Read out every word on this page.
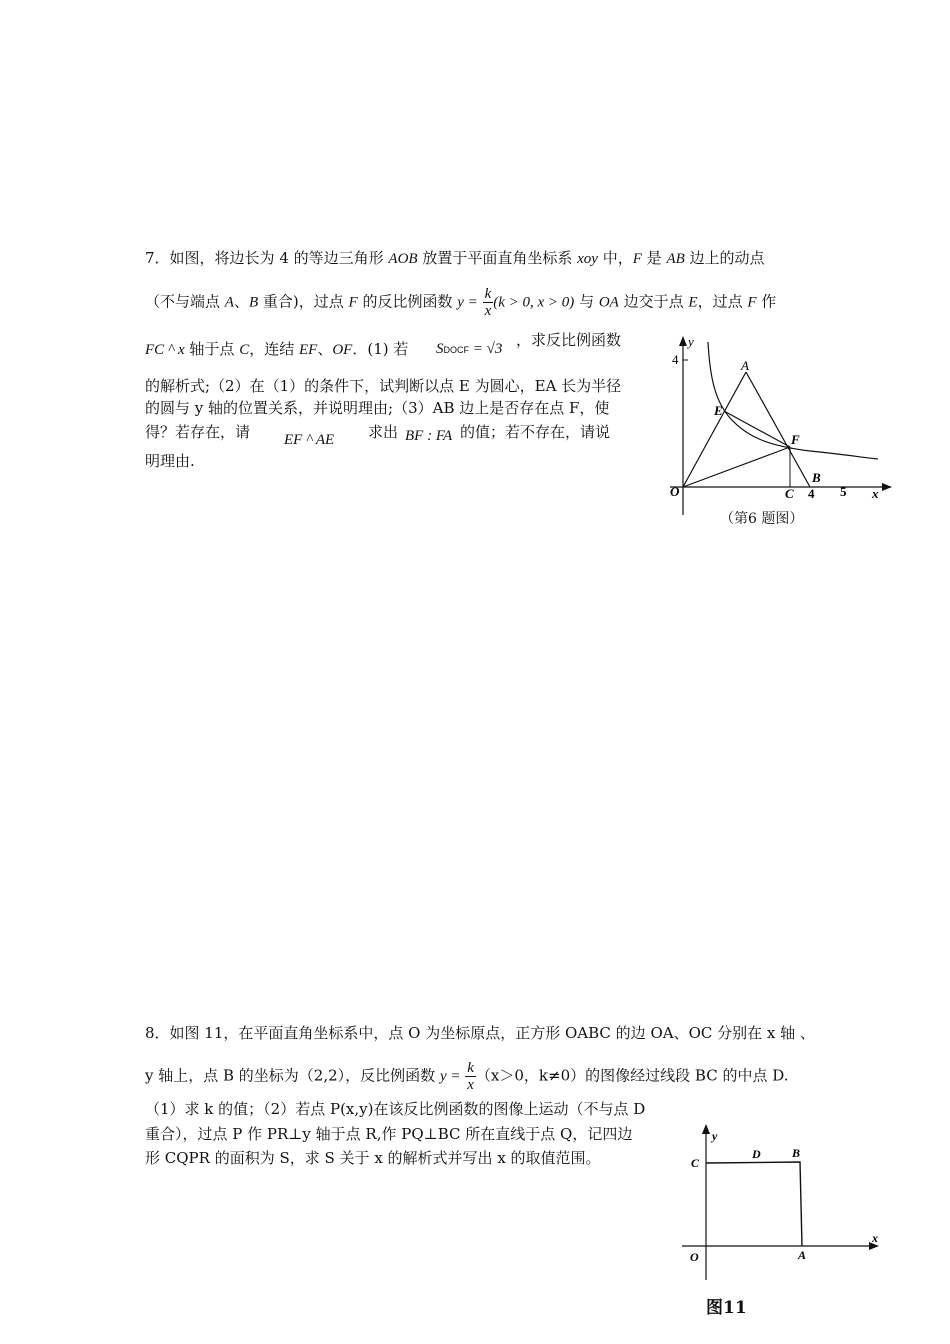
7．如图，将边长为 4 的等边三角形 AOB 放置于平面直角坐标系 xoy 中，F 是 AB 边上的动点
（不与端点 A、B 重合)，过点 F 的反比例函数 $y = \frac{k}{x} (k > 0$, x > 0) 与 OA 边交于点 E，过点 F 作
FC ^ x 轴于点 C，连结 EF、OF．(1) 若 SDOCF = √3 ，求反比例函数
的解析式;（2）在（1）的条件下，试判断以点 E 为圆心，EA 长为半径
的圆与 y 轴的位置关系，并说明理由;（3）AB 边上是否存在点 F，使
得？若存在，请 EF ^ AE 求出 BF : FA 的值；若不存在，请说
明理由.
y
4	A
E
F
B
O	C 4 5 x
（第6 题图）
8．如图 11，在平面直角坐标系中，点 O 为坐标原点，正方形 OABC 的边 OA、OC 分别在 x 轴 、
y 轴上，点 B 的坐标为（2,2），反比例函数 $y = \frac{k}{x} (x>0$，k≠0）的图像经过线段 BC 的中点 D.
（1）求 k 的值；（2）若点 P(x,y)在该反比例函数的图像上运动（不与点 D
重合），过点 P 作 PR⊥y 轴于点 R,作 PQ⊥BC 所在直线于点 Q，记四边
形 CQPR 的面积为 S，求 S 关于 x 的解析式并写出 x 的取值范围。
y
x
C
D	B
O	A
图11
